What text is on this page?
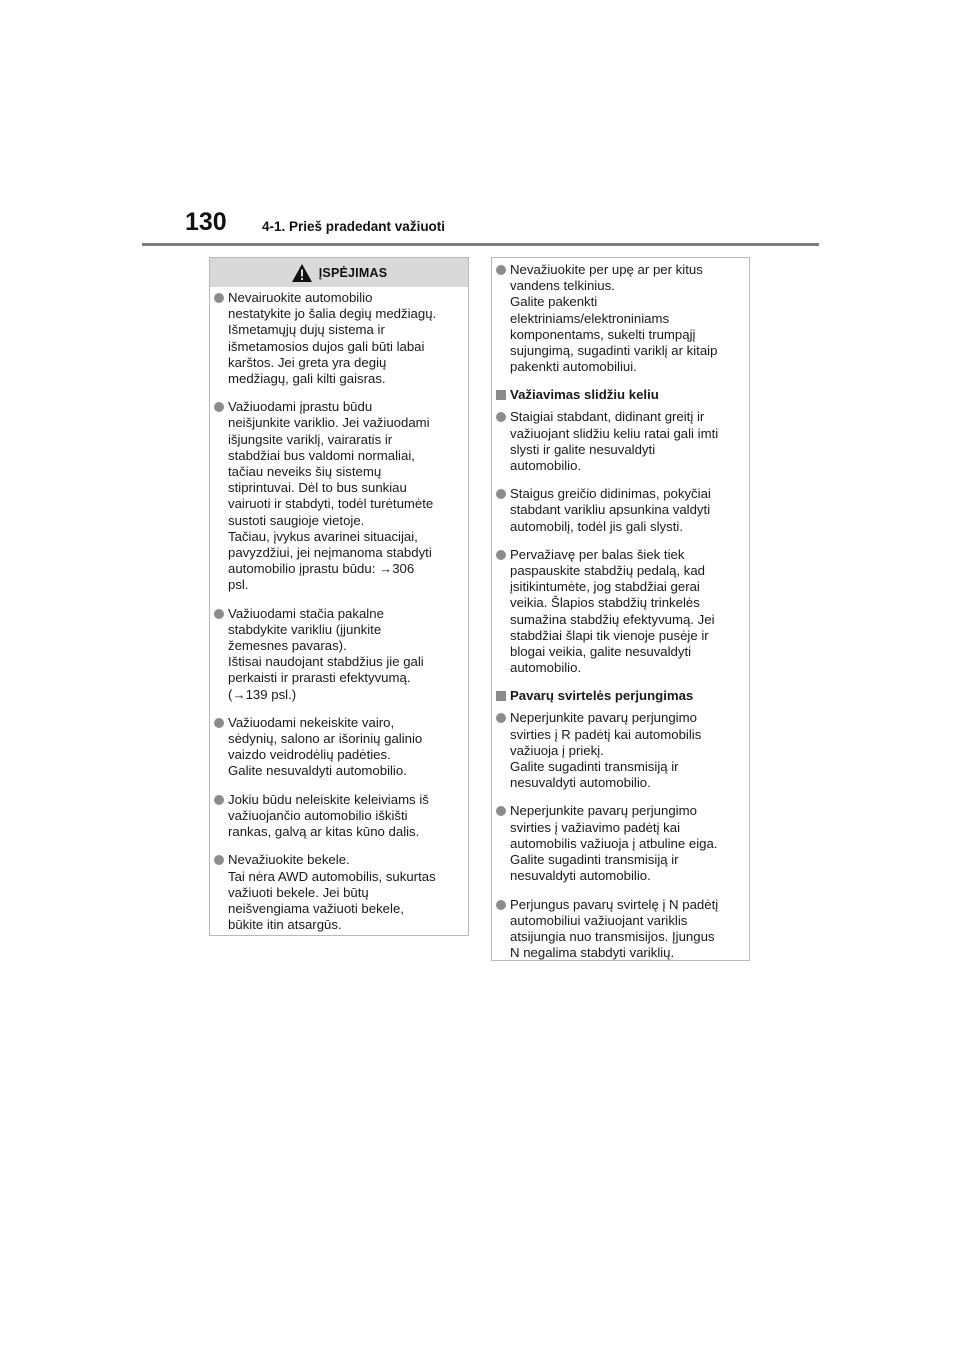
130	4-1. Prieš pradedant važiuoti
ĮSPĖJIMAS
Nevairuokite automobilio
nestatykite jo šalia degių medžiagų.
Išmetamųjų dujų sistema ir
išmetamosios dujos gali būti labai
karštos. Jei greta yra degių
medžiagų, gali kilti gaisras.
Važiuodami įprastu būdu
neišjunkite variklio. Jei važiuodami
išjungsite variklį, vairaratis ir
stabdžiai bus valdomi normaliai,
tačiau neveiks šių sistemų
stiprintuvai. Dėl to bus sunkiau
vairuoti ir stabdyti, todėl turėtumėte
sustoti saugioje vietoje.
Tačiau, įvykus avarinei situacijai,
pavyzdžiui, jei neįmanoma stabdyti
automobilio įprastu būdu: →306
psl.
Važiuodami stačia pakalne
stabdykite varikliu (įjunkite
žemesnes pavaras).
Ištisai naudojant stabdžius jie gali
perkaisti ir prarasti efektyvumą.
(→139 psl.)
Važiuodami nekeiskite vairo,
sėdynių, salono ar išorinių galinio
vaizdo veidrodėlių padėties.
Galite nesuvaldyti automobilio.
Jokiu būdu neleiskite keleiviams iš
važiuojančio automobilio iškišti
rankas, galvą ar kitas kūno dalis.
Nevažiuokite bekele.
Tai nėra AWD automobilis, sukurtas
važiuoti bekele. Jei būtų
neišvengiama važiuoti bekele,
būkite itin atsargūs.
Nevažiuokite per upę ar per kitus
vandens telkinius.
Galite pakenkti
elektriniams/elektroniniams
komponentams, sukelti trumpąjį
sujungimą, sugadinti variklį ar kitaip
pakenkti automobiliui.
Važiavimas slidžiu keliu
Staigiai stabdant, didinant greitį ir
važiuojant slidžiu keliu ratai gali imti
slysti ir galite nesuvaldyti
automobilio.
Staigus greičio didinimas, pokyčiai
stabdant varikliu apsunkina valdyti
automobilį, todėl jis gali slysti.
Pervažiavę per balas šiek tiek
paspauskite stabdžių pedalą, kad
įsitikintumėte, jog stabdžiai gerai
veikia. Šlapios stabdžių trinkelės
sumažina stabdžių efektyvumą. Jei
stabdžiai šlapi tik vienoje pusėje ir
blogai veikia, galite nesuvaldyti
automobilio.
Pavarų svirtelės perjungimas
Neperjunkite pavarų perjungimo
svirties į R padėtį kai automobilis
važiuoja į priekį.
Galite sugadinti transmisiją ir
nesuvaldyti automobilio.
Neperjunkite pavarų perjungimo
svirties į važiavimo padėtį kai
automobilis važiuoja į atbuline eiga.
Galite sugadinti transmisiją ir
nesuvaldyti automobilio.
Perjungus pavarų svirtelę į N padėtį
automobiliui važiuojant variklis
atsijungia nuo transmisijos. Įjungus
N negalima stabdyti variklių.
